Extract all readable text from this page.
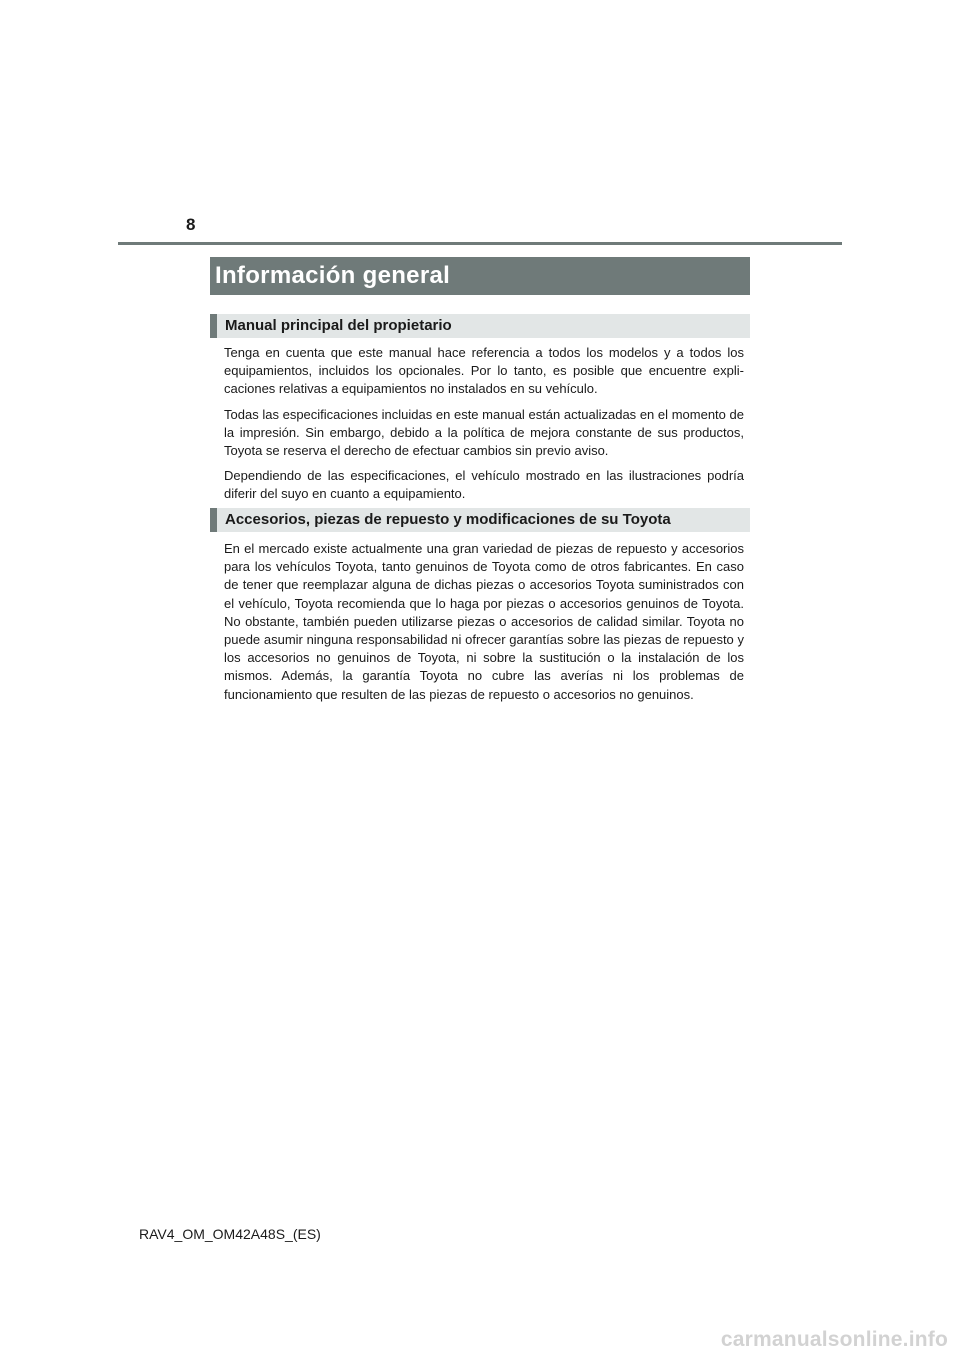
8
Información general
Manual principal del propietario

Tenga en cuenta que este manual hace referencia a todos los modelos y a todos los equipamientos, incluidos los opcionales. Por lo tanto, es posible que encuentre explicaciones relativas a equipamientos no instalados en su vehículo.

Todas las especificaciones incluidas en este manual están actualizadas en el momento de la impresión. Sin embargo, debido a la política de mejora constante de sus productos, Toyota se reserva el derecho de efectuar cambios sin previo aviso.

Dependiendo de las especificaciones, el vehículo mostrado en las ilustraciones podría diferir del suyo en cuanto a equipamiento.

Accesorios, piezas de repuesto y modificaciones de su Toyota

En el mercado existe actualmente una gran variedad de piezas de repuesto y accesorios para los vehículos Toyota, tanto genuinos de Toyota como de otros fabricantes. En caso de tener que reemplazar alguna de dichas piezas o accesorios Toyota suministrados con el vehículo, Toyota recomienda que lo haga por piezas o accesorios genuinos de Toyota. No obstante, también pueden utilizarse piezas o accesorios de calidad similar. Toyota no puede asumir ninguna responsabilidad ni ofrecer garantías sobre las piezas de repuesto y los accesorios no genuinos de Toyota, ni sobre la sustitución o la instalación de los mismos. Además, la garantía Toyota no cubre las averías ni los problemas de funcionamiento que resulten de las piezas de repuesto o accesorios no genuinos.

RAV4_OM_OM42A48S_(ES)
carmanualsonline.info
